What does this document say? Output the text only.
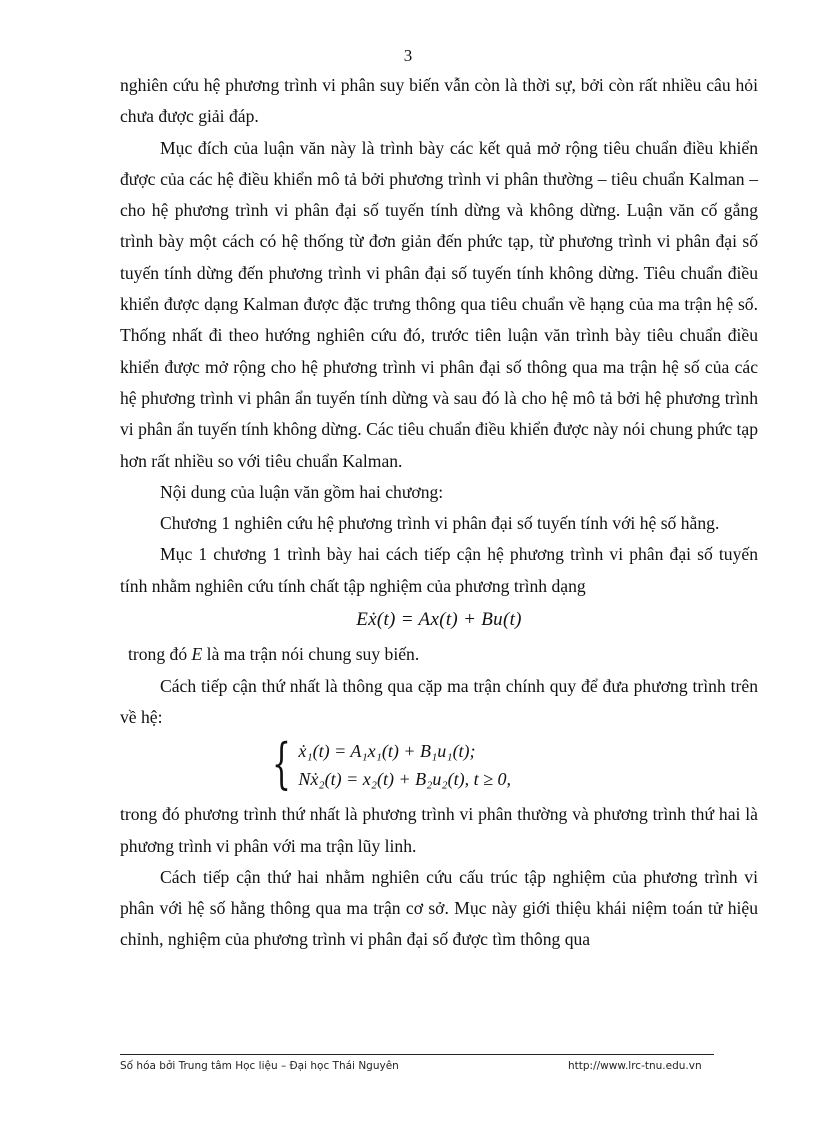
3

nghiên cứu hệ phương trình vi phân suy biến vẫn còn là thời sự, bởi còn rất nhiều câu hỏi chưa được giải đáp.

Mục đích của luận văn này là trình bày các kết quả mở rộng tiêu chuẩn điều khiển được của các hệ điều khiển mô tả bởi phương trình vi phân thường – tiêu chuẩn Kalman – cho hệ phương trình vi phân đại số tuyến tính dừng và không dừng. Luận văn cố gắng trình bày một cách có hệ thống từ đơn giản đến phức tạp, từ phương trình vi phân đại số tuyến tính dừng đến phương trình vi phân đại số tuyến tính không dừng. Tiêu chuẩn điều khiển được dạng Kalman được đặc trưng thông qua tiêu chuẩn về hạng của ma trận hệ số. Thống nhất đi theo hướng nghiên cứu đó, trước tiên luận văn trình bày tiêu chuẩn điều khiển được mở rộng cho hệ phương trình vi phân đại số thông qua ma trận hệ số của các hệ phương trình vi phân ẩn tuyến tính dừng và sau đó là cho hệ mô tả bởi hệ phương trình vi phân ẩn tuyến tính không dừng. Các tiêu chuẩn điều khiển được này nói chung phức tạp hơn rất nhiều so với tiêu chuẩn Kalman.

Nội dung của luận văn gồm hai chương:

Chương 1 nghiên cứu hệ phương trình vi phân đại số tuyến tính với hệ số hằng.

Mục 1 chương 1 trình bày hai cách tiếp cận hệ phương trình vi phân đại số tuyến tính nhằm nghiên cứu tính chất tập nghiệm của phương trình dạng

Eẋ(t) = Ax(t) + Bu(t)

trong đó E là ma trận nói chung suy biến.

Cách tiếp cận thứ nhất là thông qua cặp ma trận chính quy để đưa phương trình trên về hệ:

{ ẋ₁(t) = A₁x₁(t) + B₁u₁(t);
Nẋ₂(t) = x₂(t) + B₂u₂(t), t ≥ 0,

trong đó phương trình thứ nhất là phương trình vi phân thường và phương trình thứ hai là phương trình vi phân với ma trận lũy linh.

Cách tiếp cận thứ hai nhằm nghiên cứu cấu trúc tập nghiệm của phương trình vi phân với hệ số hằng thông qua ma trận cơ sở. Mục này giới thiệu khái niệm toán tử hiệu chỉnh, nghiệm của phương trình vi phân đại số được tìm thông qua

Số hóa bởi Trung tâm Học liệu – Đại học Thái Nguyên	http://www.lrc-tnu.edu.vn
